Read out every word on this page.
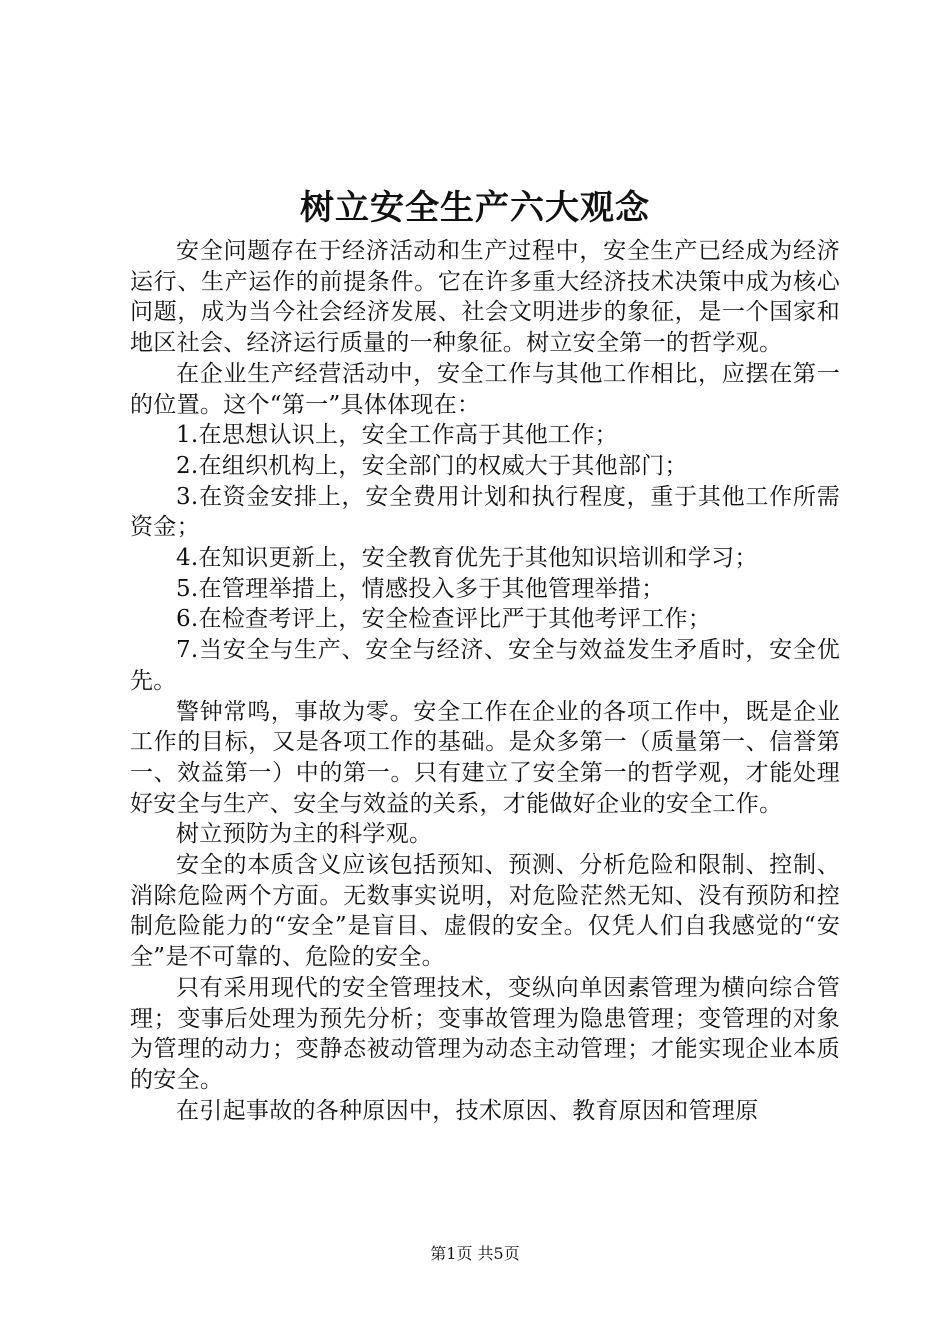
树立安全生产六大观念

安全问题存在于经济活动和生产过程中，安全生产已经成为经济运行、生产运作的前提条件。它在许多重大经济技术决策中成为核心问题，成为当今社会经济发展、社会文明进步的象征，是一个国家和地区社会、经济运行质量的一种象征。树立安全第一的哲学观。

在企业生产经营活动中，安全工作与其他工作相比，应摆在第一的位置。这个“第一”具体体现在：

1.在思想认识上，安全工作高于其他工作；

2.在组织机构上，安全部门的权威大于其他部门；

3.在资金安排上，安全费用计划和执行程度，重于其他工作所需资金；

4.在知识更新上，安全教育优先于其他知识培训和学习；

5.在管理举措上，情感投入多于其他管理举措；

6.在检查考评上，安全检查评比严于其他考评工作；

7.当安全与生产、安全与经济、安全与效益发生矛盾时，安全优先。

警钟常鸣，事故为零。安全工作在企业的各项工作中，既是企业工作的目标，又是各项工作的基础。是众多第一（质量第一、信誉第一、效益第一）中的第一。只有建立了安全第一的哲学观，才能处理好安全与生产、安全与效益的关系，才能做好企业的安全工作。

树立预防为主的科学观。

安全的本质含义应该包括预知、预测、分析危险和限制、控制、消除危险两个方面。无数事实说明，对危险茫然无知、没有预防和控制危险能力的“安全”是盲目、虚假的安全。仅凭人们自我感觉的“安全”是不可靠的、危险的安全。

只有采用现代的安全管理技术，变纵向单因素管理为横向综合管理；变事后处理为预先分析；变事故管理为隐患管理；变管理的对象为管理的动力；变静态被动管理为动态主动管理；才能实现企业本质的安全。

在引起事故的各种原因中，技术原因、教育原因和管理原

第1页 共5页
